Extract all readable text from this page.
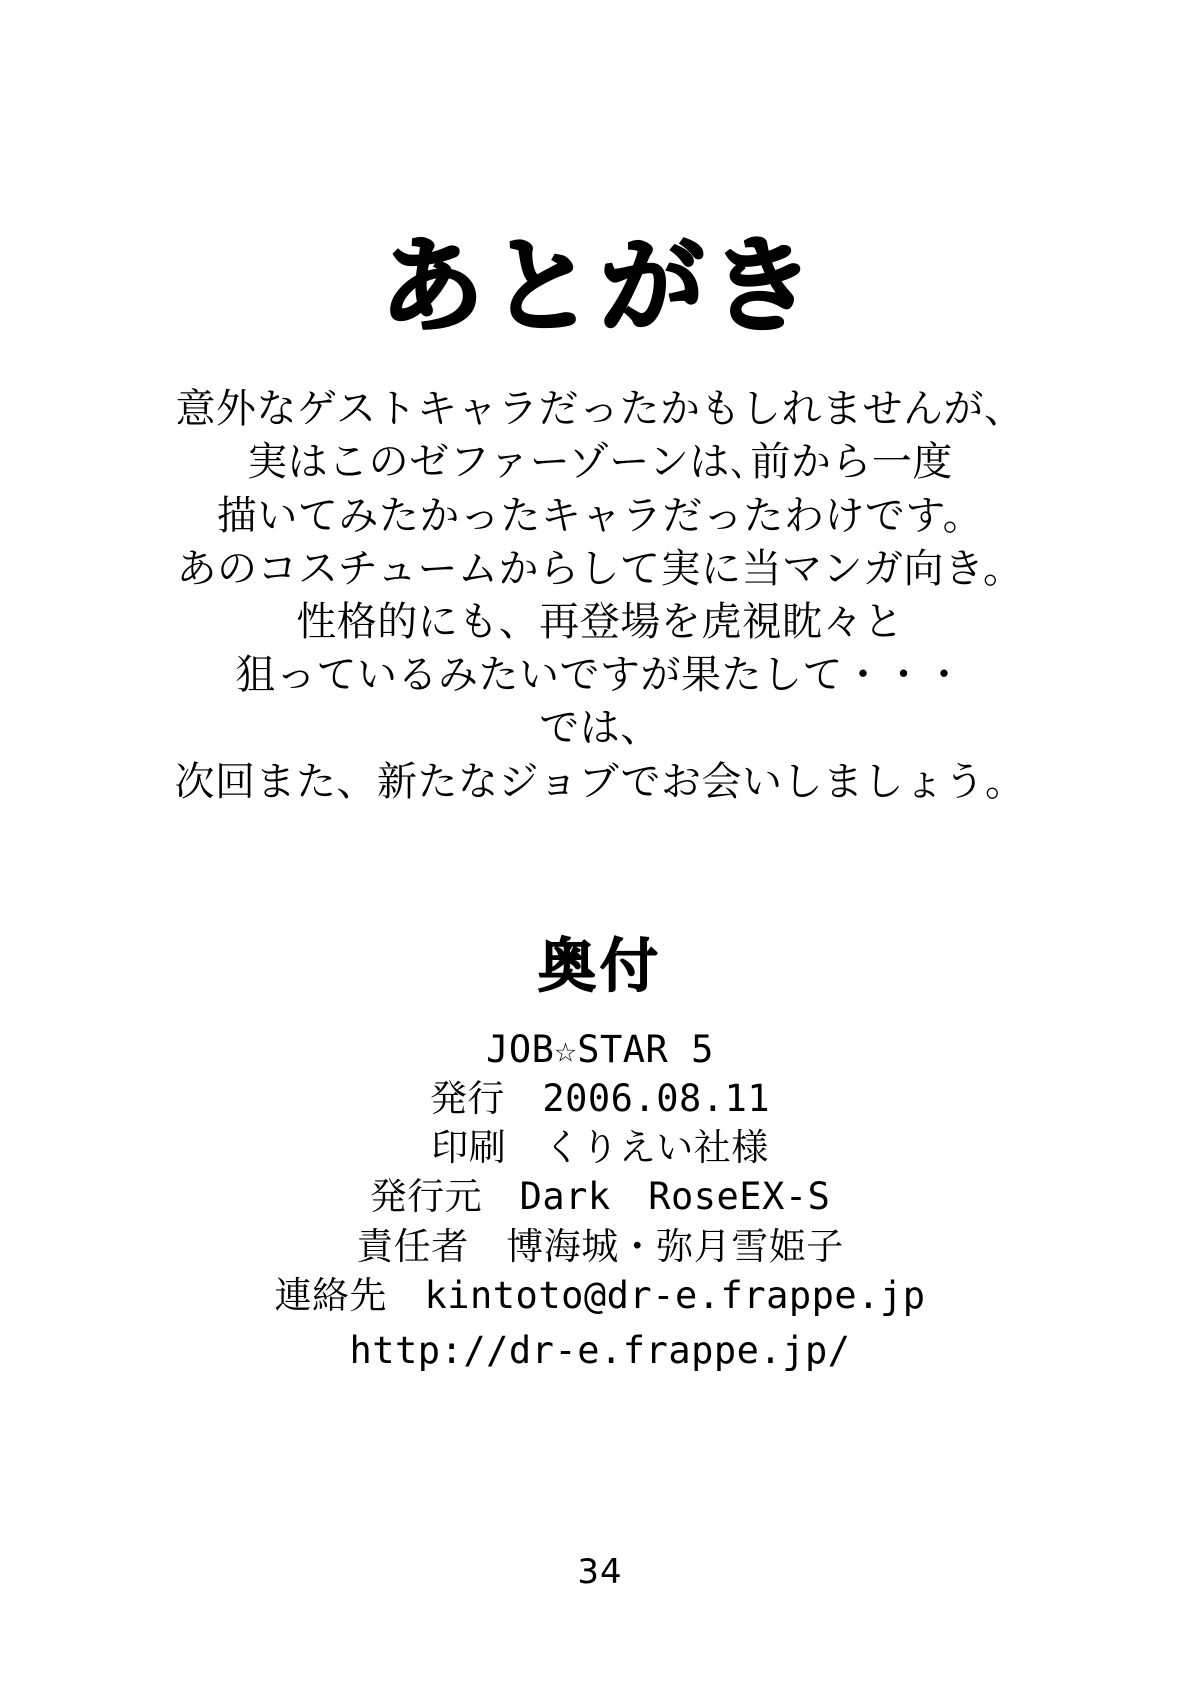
あとがき
意外なゲストキャラだったかもしれませんが、
実はこのゼファーゾーンは､前から一度
描いてみたかったキャラだったわけです。
あのコスチュームからして実に当マンガ向き。
性格的にも、再登場を虎視眈々と
狙っているみたいですが果たして・・・
では、
次回また、新たなジョブでお会いしましょう。
奥付
JOB☆STAR 5
発行　2006.08.11
印刷　くりえい社様
発行元　Dark　RoseEX-S
責任者　博海城・弥月雪姫子
連絡先　kintoto@dr-e.frappe.jp
http://dr-e.frappe.jp/
34
